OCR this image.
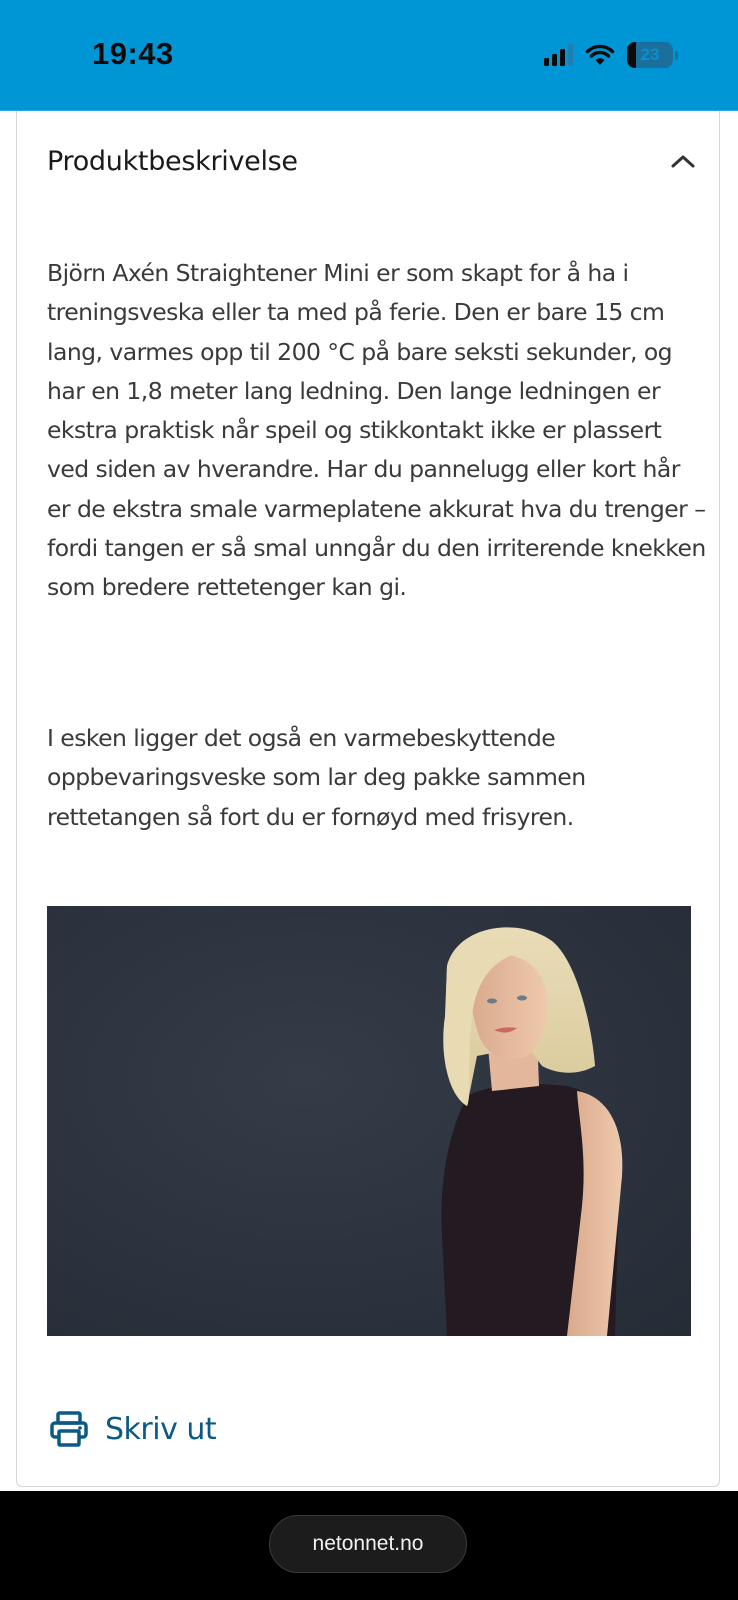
19:43	23
Produktbeskrivelse

Björn Axén Straightener Mini er som skapt for å ha i treningsveska eller ta med på ferie. Den er bare 15 cm lang, varmes opp til 200 °C på bare seksti sekunder, og har en 1,8 meter lang ledning. Den lange ledningen er ekstra praktisk når speil og stikkontakt ikke er plassert ved siden av hverandre. Har du pannelugg eller kort hår er de ekstra smale varmeplatene akkurat hva du trenger – fordi tangen er så smal unngår du den irriterende knekken som bredere rettetenger kan gi.

I esken ligger det også en varmebeskyttende oppbevaringsveske som lar deg pakke sammen rettetangen så fort du er fornøyd med frisyren.

Skriv ut
netonnet.no
